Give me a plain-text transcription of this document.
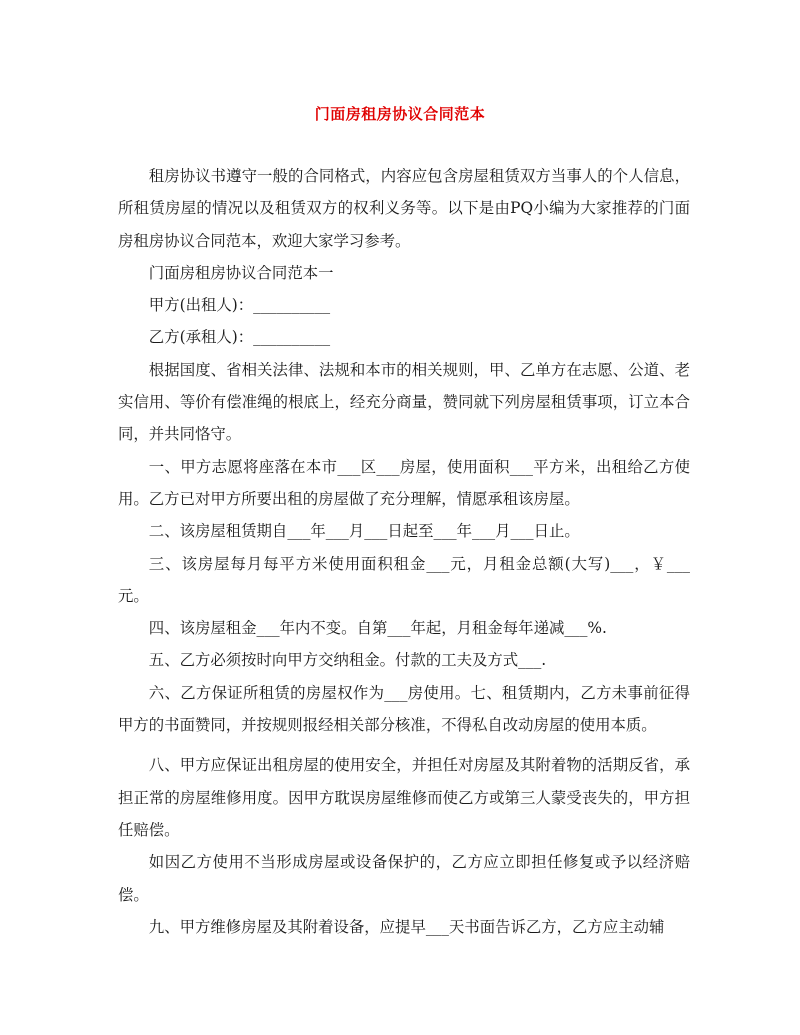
门面房租房协议合同范本

租房协议书遵守一般的合同格式，内容应包含房屋租赁双方当事人的个人信息，所租赁房屋的情况以及租赁双方的权利义务等。以下是由PQ小编为大家推荐的门面房租房协议合同范本，欢迎大家学习参考。

门面房租房协议合同范本一

甲方(出租人)：__________

乙方(承租人)：__________

根据国度、省相关法律、法规和本市的相关规则，甲、乙单方在志愿、公道、老实信用、等价有偿准绳的根底上，经充分商量，赞同就下列房屋租赁事项，订立本合同，并共同恪守。

一、甲方志愿将座落在本市___区___房屋，使用面积___平方米，出租给乙方使用。乙方已对甲方所要出租的房屋做了充分理解，情愿承租该房屋。

二、该房屋租赁期自___年___月___日起至___年___月___日止。

三、该房屋每月每平方米使用面积租金___元，月租金总额(大写)___，￥___元。

四、该房屋租金___年内不变。自第___年起，月租金每年递减___%.

五、乙方必须按时向甲方交纳租金。付款的工夫及方式___.

六、乙方保证所租赁的房屋权作为___房使用。七、租赁期内，乙方未事前征得甲方的书面赞同，并按规则报经相关部分核准，不得私自改动房屋的使用本质。

八、甲方应保证出租房屋的使用安全，并担任对房屋及其附着物的活期反省，承担正常的房屋维修用度。因甲方耽误房屋维修而使乙方或第三人蒙受丧失的，甲方担任赔偿。

如因乙方使用不当形成房屋或设备保护的，乙方应立即担任修复或予以经济赔偿。

九、甲方维修房屋及其附着设备，应提早___天书面告诉乙方，乙方应主动辅
